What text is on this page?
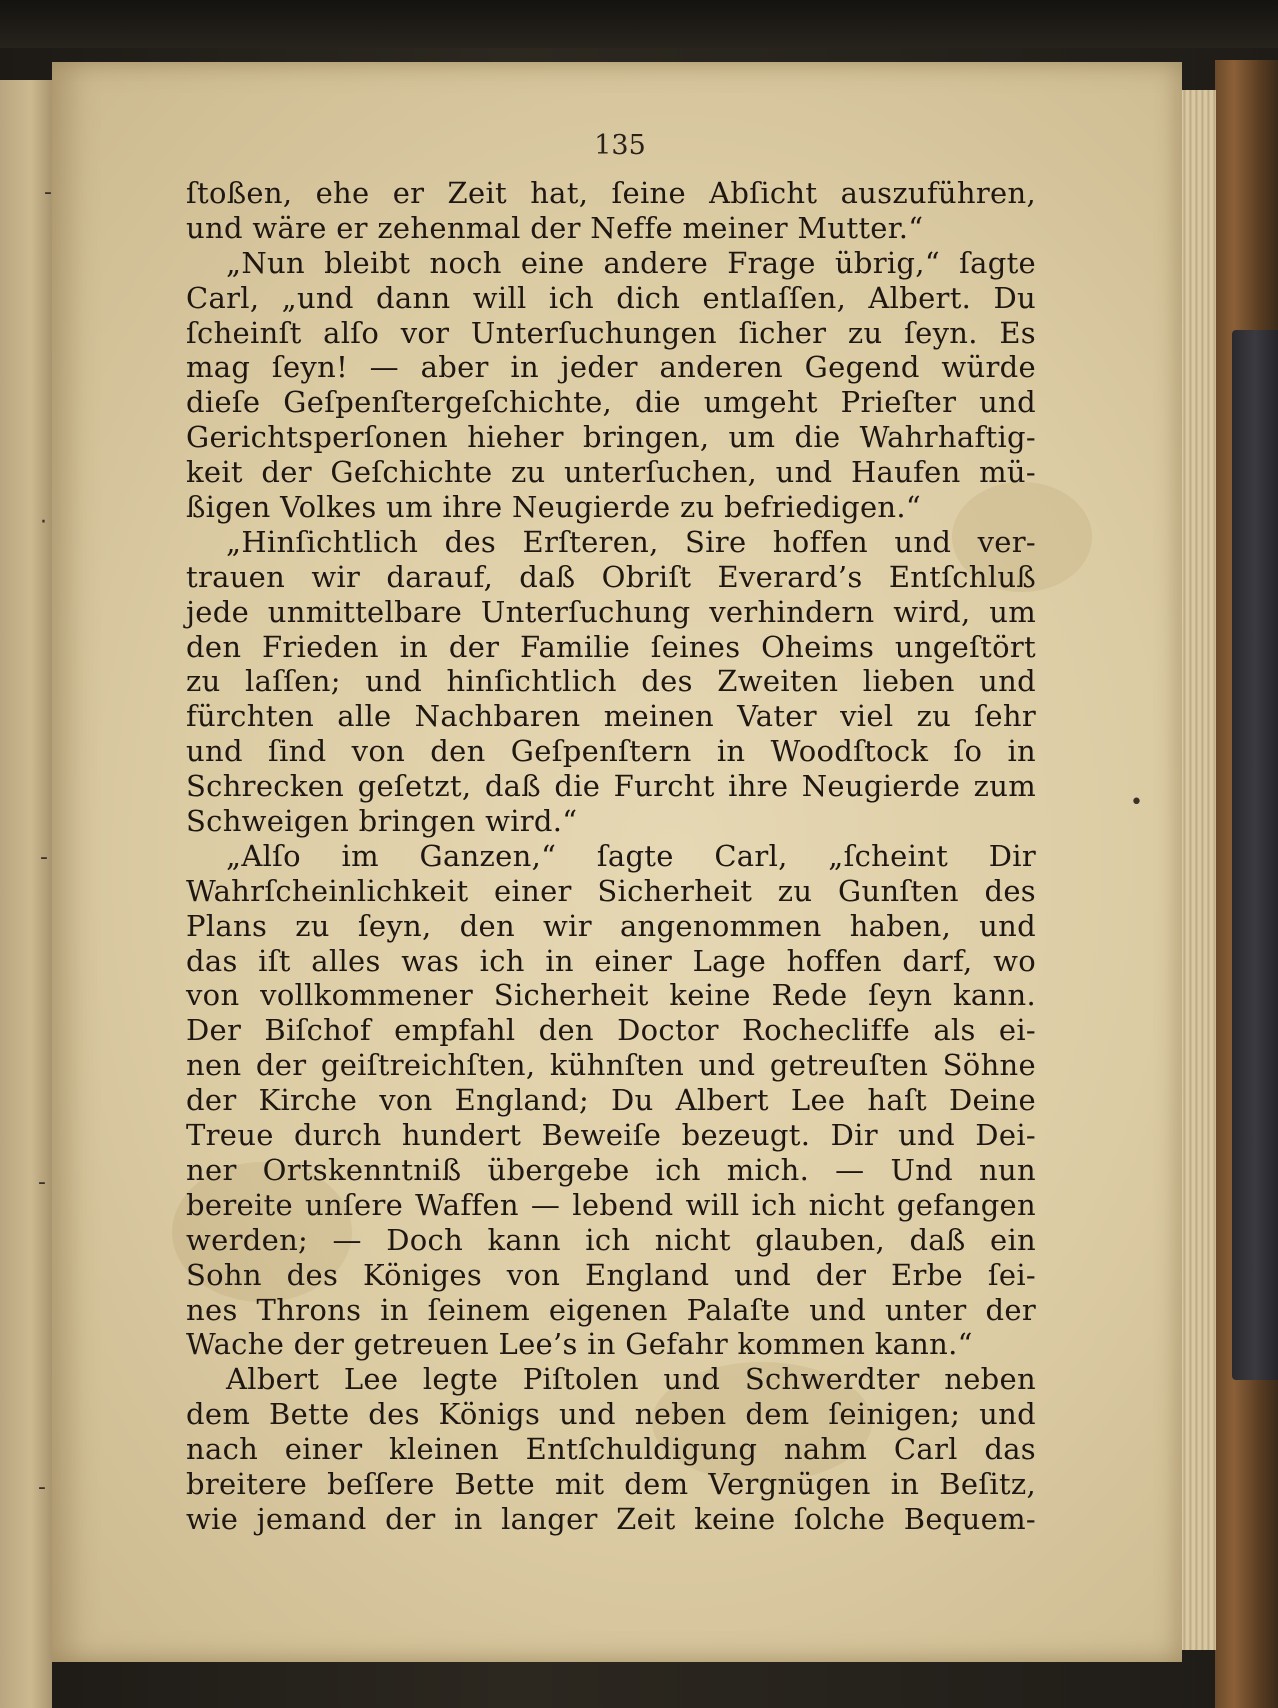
-
·
-
-
-
•
135
ſtoßen, ehe er Zeit hat, ſeine Abſicht auszuführen,
und wäre er zehenmal der Neffe meiner Mutter.“
„Nun bleibt noch eine andere Frage übrig,“ ſagte
Carl, „und dann will ich dich entlaſſen, Albert. Du
ſcheinſt alſo vor Unterſuchungen ſicher zu ſeyn. Es
mag ſeyn! — aber in jeder anderen Gegend würde
dieſe Geſpenſtergeſchichte, die umgeht Prieſter und
Gerichtsperſonen hieher bringen, um die Wahrhaftig-
keit der Geſchichte zu unterſuchen, und Haufen mü-
ßigen Volkes um ihre Neugierde zu befriedigen.“
„Hinſichtlich des Erſteren, Sire hoffen und ver-
trauen wir darauf, daß Obriſt Everard’s Entſchluß
jede unmittelbare Unterſuchung verhindern wird, um
den Frieden in der Familie ſeines Oheims ungeſtört
zu laſſen; und hinſichtlich des Zweiten lieben und
fürchten alle Nachbaren meinen Vater viel zu ſehr
und ſind von den Geſpenſtern in Woodſtock ſo in
Schrecken geſetzt, daß die Furcht ihre Neugierde zum
Schweigen bringen wird.“
„Alſo im Ganzen,“ ſagte Carl, „ſcheint Dir
Wahrſcheinlichkeit einer Sicherheit zu Gunſten des
Plans zu ſeyn, den wir angenommen haben, und
das iſt alles was ich in einer Lage hoffen darf, wo
von vollkommener Sicherheit keine Rede ſeyn kann.
Der Biſchof empfahl den Doctor Rochecliffe als ei-
nen der geiſtreichſten, kühnſten und getreuſten Söhne
der Kirche von England; Du Albert Lee haſt Deine
Treue durch hundert Beweiſe bezeugt. Dir und Dei-
ner Ortskenntniß übergebe ich mich. — Und nun
bereite unſere Waffen — lebend will ich nicht gefangen
werden; — Doch kann ich nicht glauben, daß ein
Sohn des Königes von England und der Erbe ſei-
nes Throns in ſeinem eigenen Palaſte und unter der
Wache der getreuen Lee’s in Gefahr kommen kann.“
Albert Lee legte Piſtolen und Schwerdter neben
dem Bette des Königs und neben dem ſeinigen; und
nach einer kleinen Entſchuldigung nahm Carl das
breitere beſſere Bette mit dem Vergnügen in Beſitz,
wie jemand der in langer Zeit keine ſolche Bequem-
